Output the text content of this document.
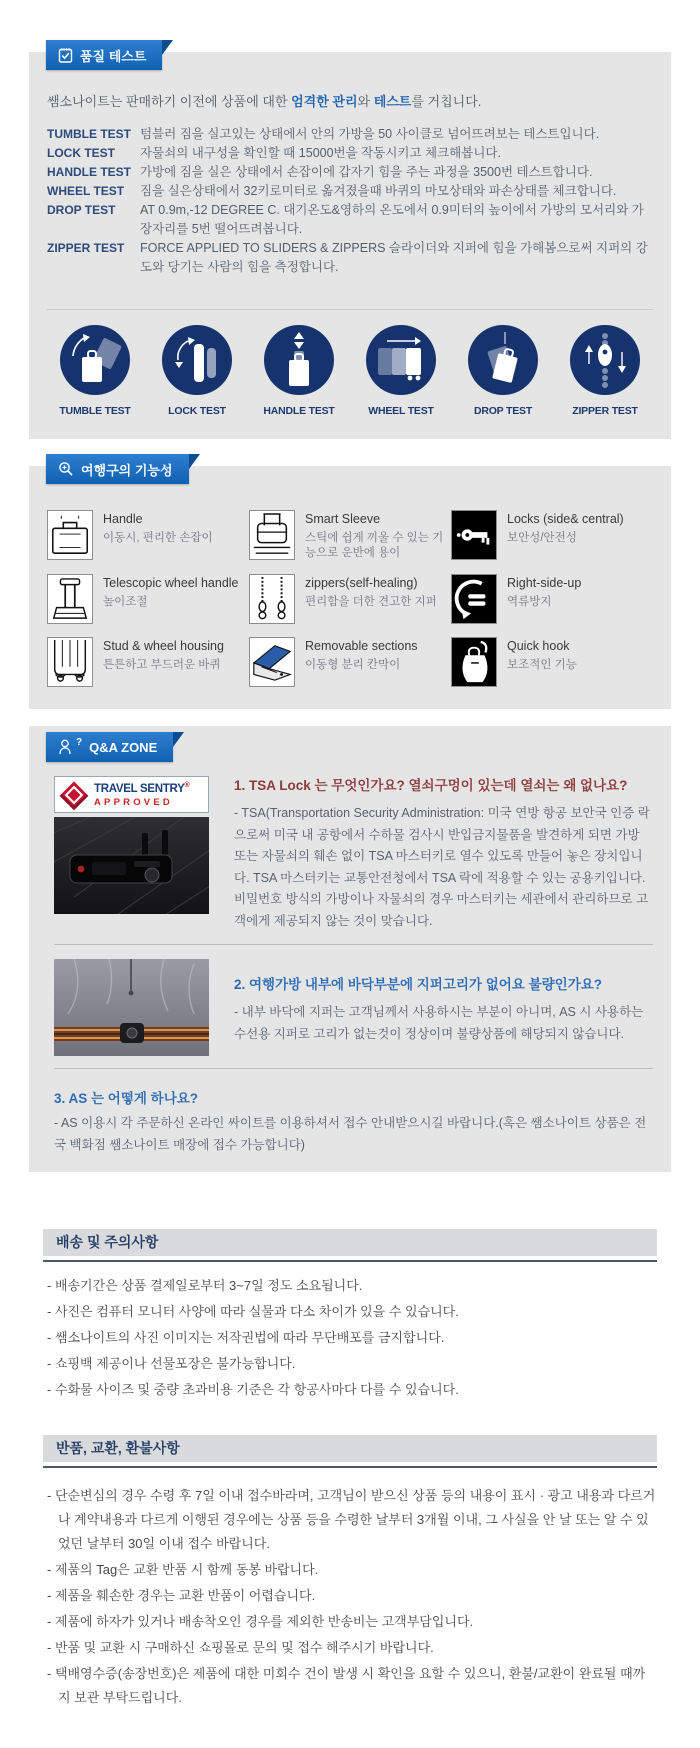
품질 테스트
쌤소나이트는 판매하기 이전에 상품에 대한 엄격한 관리와 테스트를 거칩니다.
TUMBLE TEST 텀블러 짐을 실고있는 상태에서 안의 가방을 50 사이클로 넘어뜨려보는 테스트입니다.
LOCK TEST	자물쇠의 내구성을 확인할 때 15000번을 작동시키고 체크해봅니다.
HANDLE TEST 가방에 짐을 실은 상태에서 손잡이에 갑자기 힘을 주는 과정을 3500번 테스트합니다.
WHEEL TEST	짐을 실은상태에서 32키로미터로 옮겨졌을때 바퀴의 마모상태와 파손상태를 체크합니다.
DROP TEST	AT 0.9m,-12 DEGREE C. 대기온도&영하의 온도에서 0.9미터의 높이에서 가방의 모서리와 가장자리를 5번 떨어뜨려봅니다.
ZIPPER TEST	FORCE APPLIED TO SLIDERS & ZIPPERS 슬라이더와 지퍼에 힘을 가해봄으로써 지퍼의 강도와 당기는 사람의 힘을 측정합니다.
TUMBLE TEST	LOCK TEST	HANDLE TEST	WHEEL TEST	DROP TEST	ZIPPER TEST
여행구의 기능성
Handle
이동시, 편리한 손잡이
Smart Sleeve
스틱에 쉽게 끼울 수 있는 기능으로 운반에 용이
Locks (side& central)
보안성/안전성
Telescopic wheel handle
높이조절
zippers(self-healing)
편리함을 더한 견고한 지퍼
Right-side-up
역류방지
Stud & wheel housing
튼튼하고 부드러운 바퀴
Removable sections
이동형 분리 칸막이
Quick hook
보조적인 기능
? Q&A ZONE
TRAVEL SENTRY®
APPROVED
1. TSA Lock 는 무엇인가요? 열쇠구멍이 있는데 열쇠는 왜 없나요?
- TSA(Transportation Security Administration: 미국 연방 항공 보안국 인증 락으로써 미국 내 공항에서 수하물 검사시 반입금지물품을 발견하게 되면 가방 또는 자물쇠의 훼손 없이 TSA 마스터키로 열수 있도록 만들어 놓은 장치입니다. TSA 마스터키는 교통안전청에서 TSA 락에 적용할 수 있는 공용키입니다. 비밀번호 방식의 가방이나 자물쇠의 경우 마스터키는 세관에서 관리하므로 고객에게 제공되지 않는 것이 맞습니다.
2. 여행가방 내부에 바닥부분에 지퍼고리가 없어요 불량인가요?
- 내부 바닥에 지퍼는 고객님께서 사용하시는 부분이 아니며, AS 시 사용하는 수선용 지퍼로 고리가 없는것이 정상이며 불량상품에 해당되지 않습니다.
3. AS 는 어떻게 하나요?
- AS 이용시 각 주문하신 온라인 싸이트를 이용하셔서 접수 안내받으시길 바랍니다.(혹은 쌤소나이트 상품은 전국 백화점 쌤소나이트 매장에 접수 가능합니다)
배송 및 주의사항
- 배송기간은 상품 결제일로부터 3~7일 정도 소요됩니다.
- 사진은 컴퓨터 모니터 사양에 따라 실물과 다소 차이가 있을 수 있습니다.
- 쌤소나이트의 사진 이미지는 저작권법에 따라 무단배포를 금지합니다.
- 쇼핑백 제공이나 선물포장은 불가능합니다.
- 수화물 사이즈 및 중량 초과비용 기준은 각 항공사마다 다를 수 있습니다.
반품, 교환, 환불사항
- 단순변심의 경우 수령 후 7일 이내 접수바라며, 고객님이 받으신 상품 등의 내용이 표시 · 광고 내용과 다르거나 계약내용과 다르게 이행된 경우에는 상품 등을 수령한 날부터 3개월 이내, 그 사실을 안 날 또는 알 수 있었던 날부터 30일 이내 접수 바랍니다.
- 제품의 Tag은 교환 반품 시 함께 동봉 바랍니다.
- 제품을 훼손한 경우는 교환 반품이 어렵습니다.
- 제품에 하자가 있거나 배송착오인 경우를 제외한 반송비는 고객부담입니다.
- 반품 및 교환 시 구매하신 쇼핑몰로 문의 및 접수 해주시기 바랍니다.
- 택배영수증(송장번호)은 제품에 대한 미회수 건이 발생 시 확인을 요할 수 있으니, 환불/교환이 완료될 때까지 보관 부탁드립니다.
